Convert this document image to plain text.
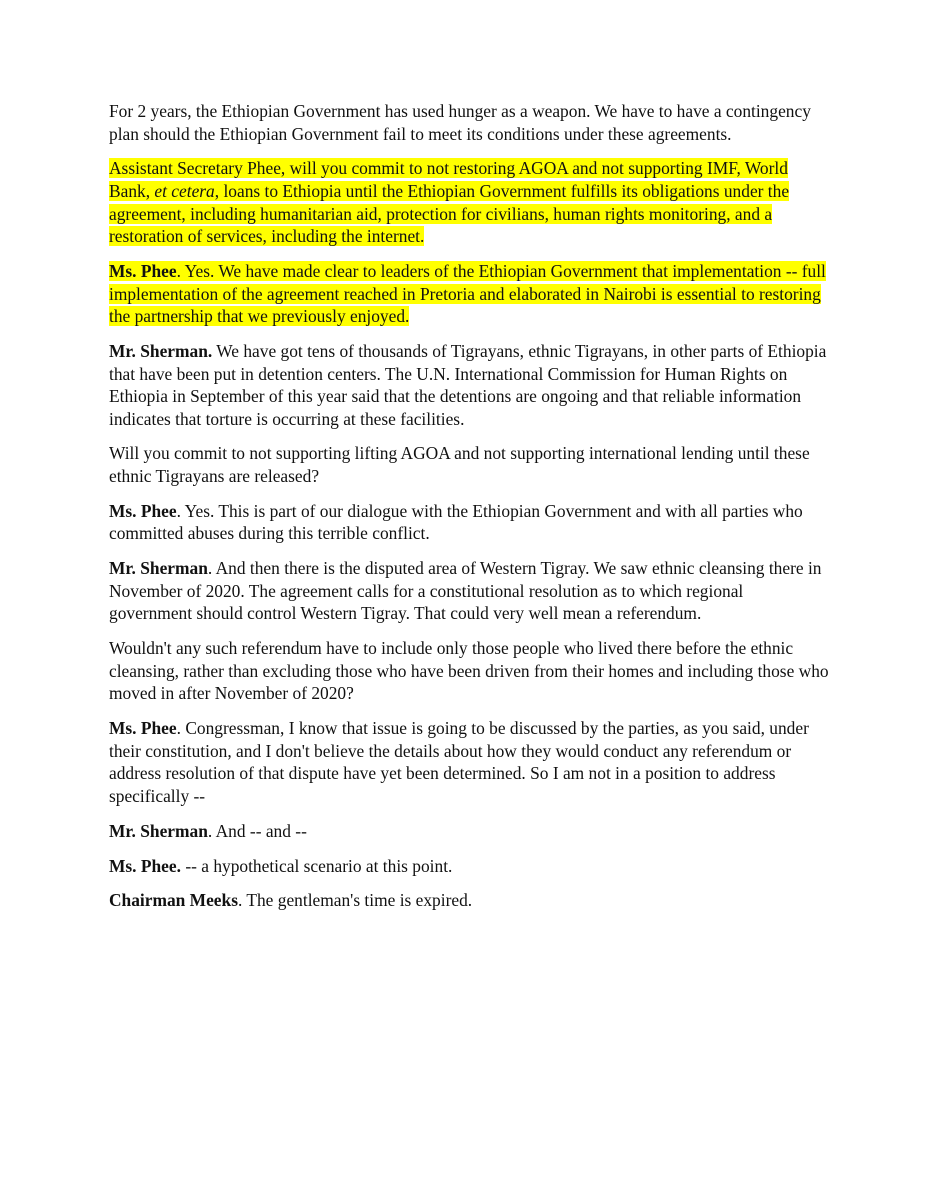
For 2 years, the Ethiopian Government has used hunger as a weapon. We have to have a contingency plan should the Ethiopian Government fail to meet its conditions under these agreements.

Assistant Secretary Phee, will you commit to not restoring AGOA and not supporting IMF, World Bank, et cetera, loans to Ethiopia until the Ethiopian Government fulfills its obligations under the agreement, including humanitarian aid, protection for civilians, human rights monitoring, and a restoration of services, including the internet.

Ms. Phee. Yes. We have made clear to leaders of the Ethiopian Government that implementation -- full implementation of the agreement reached in Pretoria and elaborated in Nairobi is essential to restoring the partnership that we previously enjoyed.

Mr. Sherman. We have got tens of thousands of Tigrayans, ethnic Tigrayans, in other parts of Ethiopia that have been put in detention centers. The U.N. International Commission for Human Rights on Ethiopia in September of this year said that the detentions are ongoing and that reliable information indicates that torture is occurring at these facilities.

Will you commit to not supporting lifting AGOA and not supporting international lending until these ethnic Tigrayans are released?

Ms. Phee. Yes. This is part of our dialogue with the Ethiopian Government and with all parties who committed abuses during this terrible conflict.

Mr. Sherman. And then there is the disputed area of Western Tigray. We saw ethnic cleansing there in November of 2020. The agreement calls for a constitutional resolution as to which regional government should control Western Tigray. That could very well mean a referendum.

Wouldn't any such referendum have to include only those people who lived there before the ethnic cleansing, rather than excluding those who have been driven from their homes and including those who moved in after November of 2020?

Ms. Phee. Congressman, I know that issue is going to be discussed by the parties, as you said, under their constitution, and I don't believe the details about how they would conduct any referendum or address resolution of that dispute have yet been determined. So I am not in a position to address specifically --

Mr. Sherman. And -- and --

Ms. Phee. -- a hypothetical scenario at this point.

Chairman Meeks. The gentleman's time is expired.
